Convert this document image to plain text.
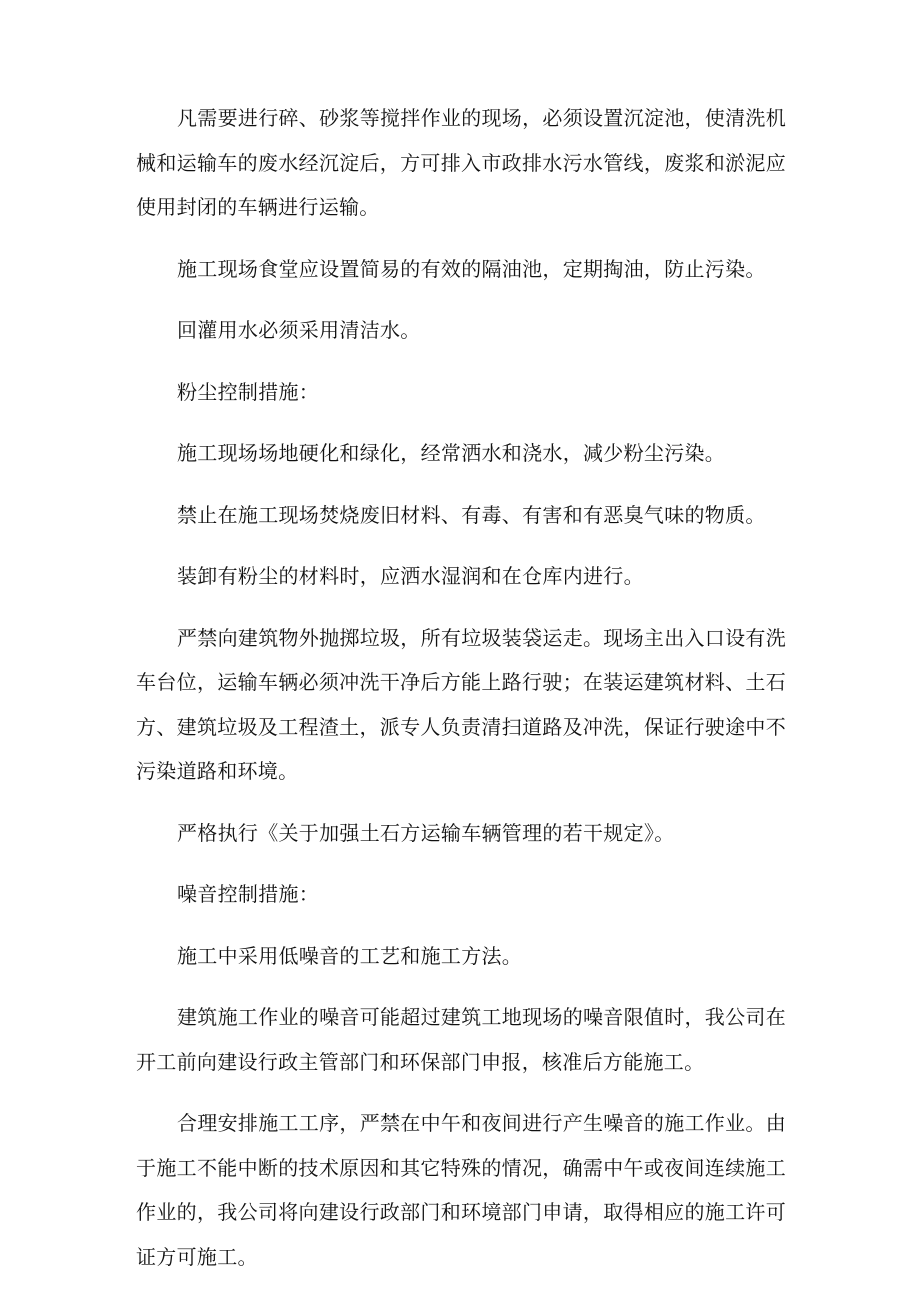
凡需要进行碎、砂浆等搅拌作业的现场，必须设置沉淀池，使清洗机械和运输车的废水经沉淀后，方可排入市政排水污水管线，废浆和淤泥应使用封闭的车辆进行运输。

施工现场食堂应设置简易的有效的隔油池，定期掏油，防止污染。

回灌用水必须采用清洁水。

粉尘控制措施：

施工现场场地硬化和绿化，经常洒水和浇水，减少粉尘污染。

禁止在施工现场焚烧废旧材料、有毒、有害和有恶臭气味的物质。

装卸有粉尘的材料时，应洒水湿润和在仓库内进行。

严禁向建筑物外抛掷垃圾，所有垃圾装袋运走。现场主出入口设有洗车台位，运输车辆必须冲洗干净后方能上路行驶；在装运建筑材料、土石方、建筑垃圾及工程渣土，派专人负责清扫道路及冲洗，保证行驶途中不污染道路和环境。

严格执行《关于加强土石方运输车辆管理的若干规定》。

噪音控制措施：

施工中采用低噪音的工艺和施工方法。

建筑施工作业的噪音可能超过建筑工地现场的噪音限值时，我公司在开工前向建设行政主管部门和环保部门申报，核准后方能施工。

合理安排施工工序，严禁在中午和夜间进行产生噪音的施工作业。由于施工不能中断的技术原因和其它特殊的情况，确需中午或夜间连续施工作业的，我公司将向建设行政部门和环境部门申请，取得相应的施工许可证方可施工。
